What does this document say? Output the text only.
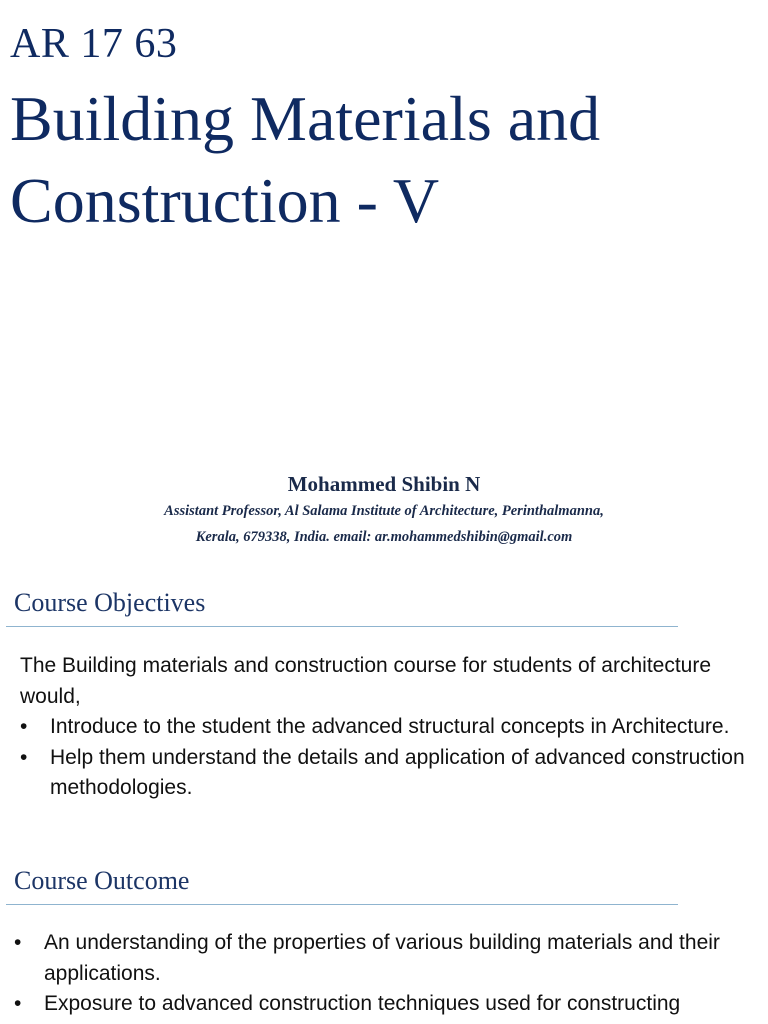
AR 17 63
Building Materials and Construction - V

Mohammed Shibin N

Assistant Professor, Al Salama Institute of Architecture, Perinthalmanna,

Kerala, 679338, India. email: ar.mohammedshibin@gmail.com

Course Objectives

The Building materials and construction course for students of architecture would,

•	Introduce to the student the advanced structural concepts in Architecture.
•	Help them understand the details and application of advanced construction methodologies.
Course Outcome
•	An understanding of the properties of various building materials and their applications.
•	Exposure to advanced construction techniques used for constructing
